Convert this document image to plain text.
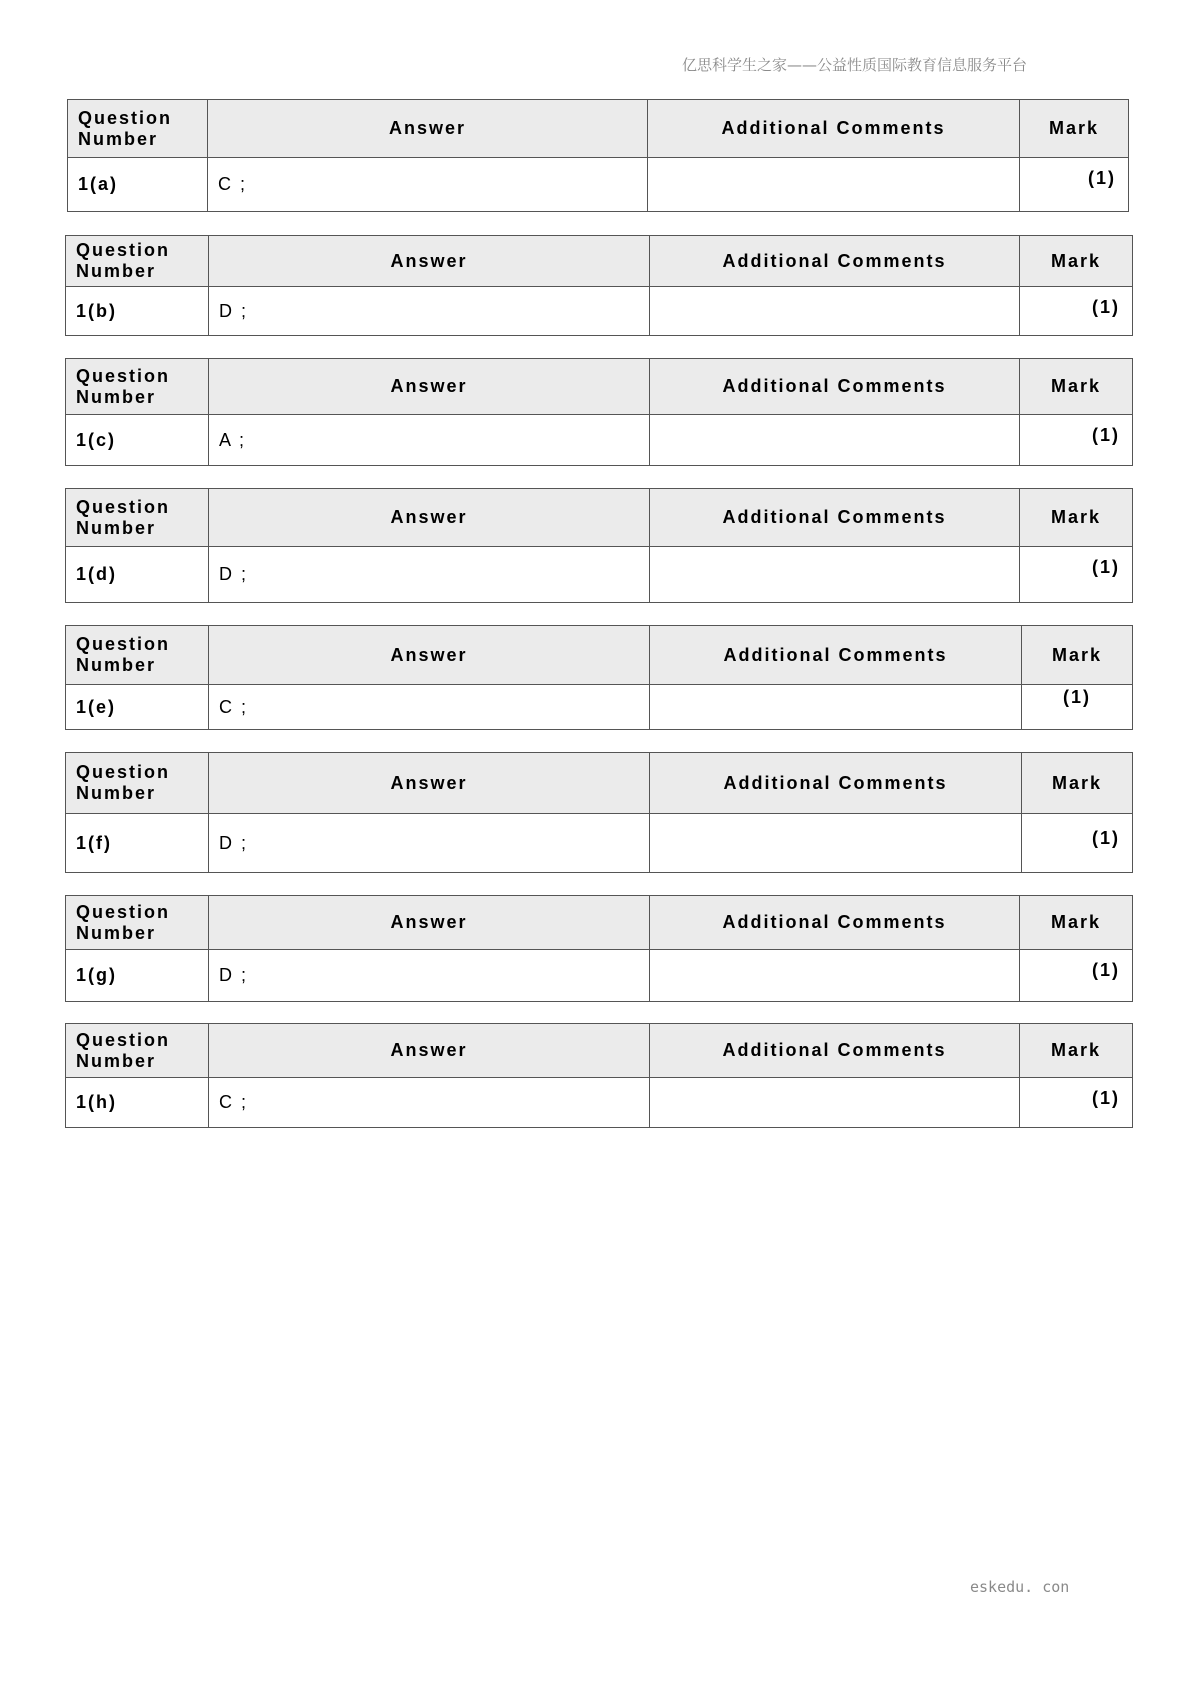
亿思科学生之家——公益性质国际教育信息服务平台
Question Number	Answer	Additional Comments	Mark
1(a)	C ;		(1)
Question Number	Answer	Additional Comments	Mark
1(b)	D ;		(1)
Question Number	Answer	Additional Comments	Mark
1(c)	A ;		(1)
Question Number	Answer	Additional Comments	Mark
1(d)	D ;		(1)
Question Number	Answer	Additional Comments	Mark
1(e)	C ;		(1)
Question Number	Answer	Additional Comments	Mark
1(f)	D ;		(1)
Question Number	Answer	Additional Comments	Mark
1(g)	D ;		(1)
Question Number	Answer	Additional Comments	Mark
1(h)	C ;		(1)
eskedu. con
